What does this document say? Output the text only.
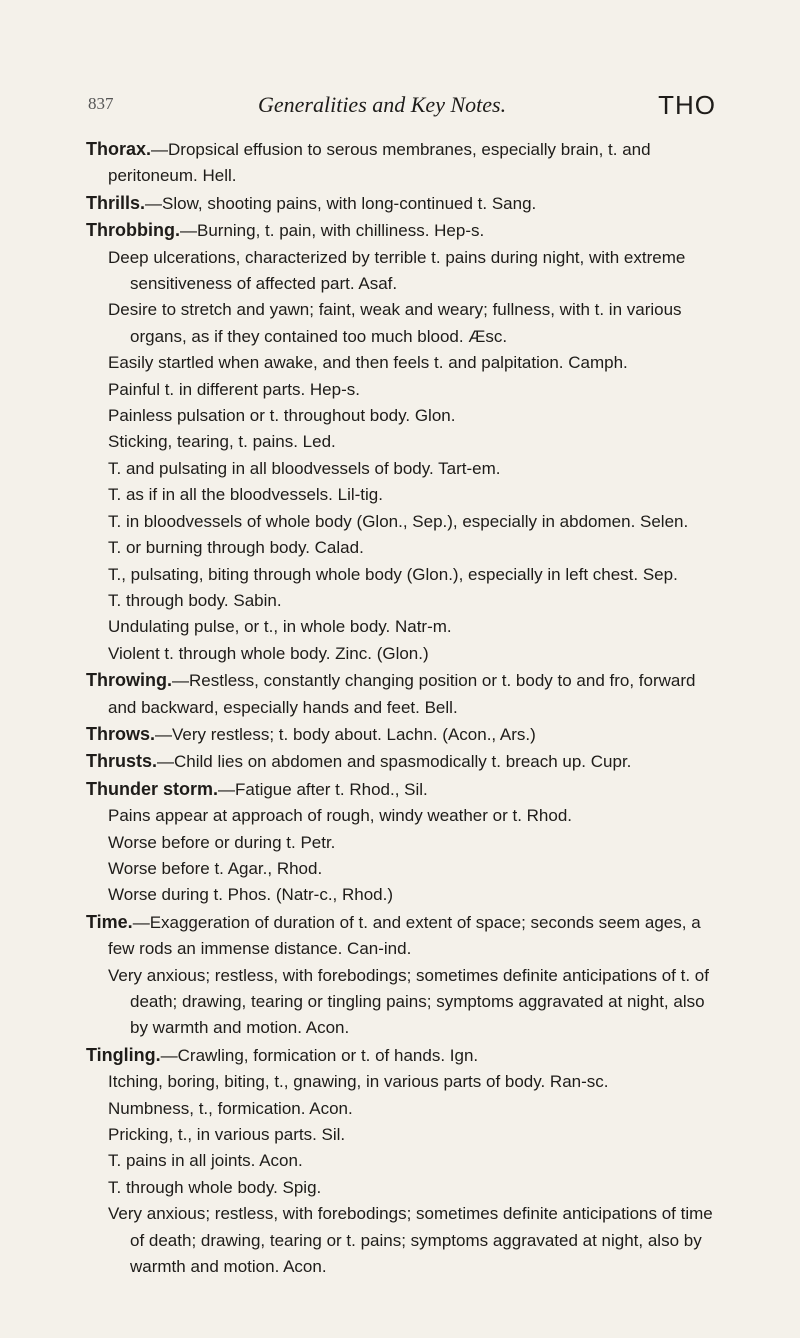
837	Generalities and Key Notes.	THO
Thorax.—Dropsical effusion to serous membranes, especially brain, t. and peritoneum. Hell.
Thrills.—Slow, shooting pains, with long-continued t. Sang.
Throbbing.—Burning, t. pain, with chilliness. Hep-s.
Deep ulcerations, characterized by terrible t. pains during night, with extreme sensitiveness of affected part. Asaf.
Desire to stretch and yawn; faint, weak and weary; fullness, with t. in various organs, as if they contained too much blood. Æsc.
Easily startled when awake, and then feels t. and palpitation. Camph.
Painful t. in different parts. Hep-s.
Painless pulsation or t. throughout body. Glon.
Sticking, tearing, t. pains. Led.
T. and pulsating in all bloodvessels of body. Tart-em.
T. as if in all the bloodvessels. Lil-tig.
T. in bloodvessels of whole body (Glon., Sep.), especially in abdomen. Selen.
T. or burning through body. Calad.
T., pulsating, biting through whole body (Glon.), especially in left chest. Sep.
T. through body. Sabin.
Undulating pulse, or t., in whole body. Natr-m.
Violent t. through whole body. Zinc. (Glon.)
Throwing.—Restless, constantly changing position or t. body to and fro, forward and backward, especially hands and feet. Bell.
Throws.—Very restless; t. body about. Lachn. (Acon., Ars.)
Thrusts.—Child lies on abdomen and spasmodically t. breach up. Cupr.
Thunder storm.—Fatigue after t. Rhod., Sil.
Pains appear at approach of rough, windy weather or t. Rhod.
Worse before or during t. Petr.
Worse before t. Agar., Rhod.
Worse during t. Phos. (Natr-c., Rhod.)
Time.—Exaggeration of duration of t. and extent of space; seconds seem ages, a few rods an immense distance. Can-ind.
Very anxious; restless, with forebodings; sometimes definite anticipations of t. of death; drawing, tearing or tingling pains; symptoms aggravated at night, also by warmth and motion. Acon.
Tingling.—Crawling, formication or t. of hands. Ign.
Itching, boring, biting, t., gnawing, in various parts of body. Ran-sc.
Numbness, t., formication. Acon.
Pricking, t., in various parts. Sil.
T. pains in all joints. Acon.
T. through whole body. Spig.
Very anxious; restless, with forebodings; sometimes definite anticipations of time of death; drawing, tearing or t. pains; symptoms aggravated at night, also by warmth and motion. Acon.
